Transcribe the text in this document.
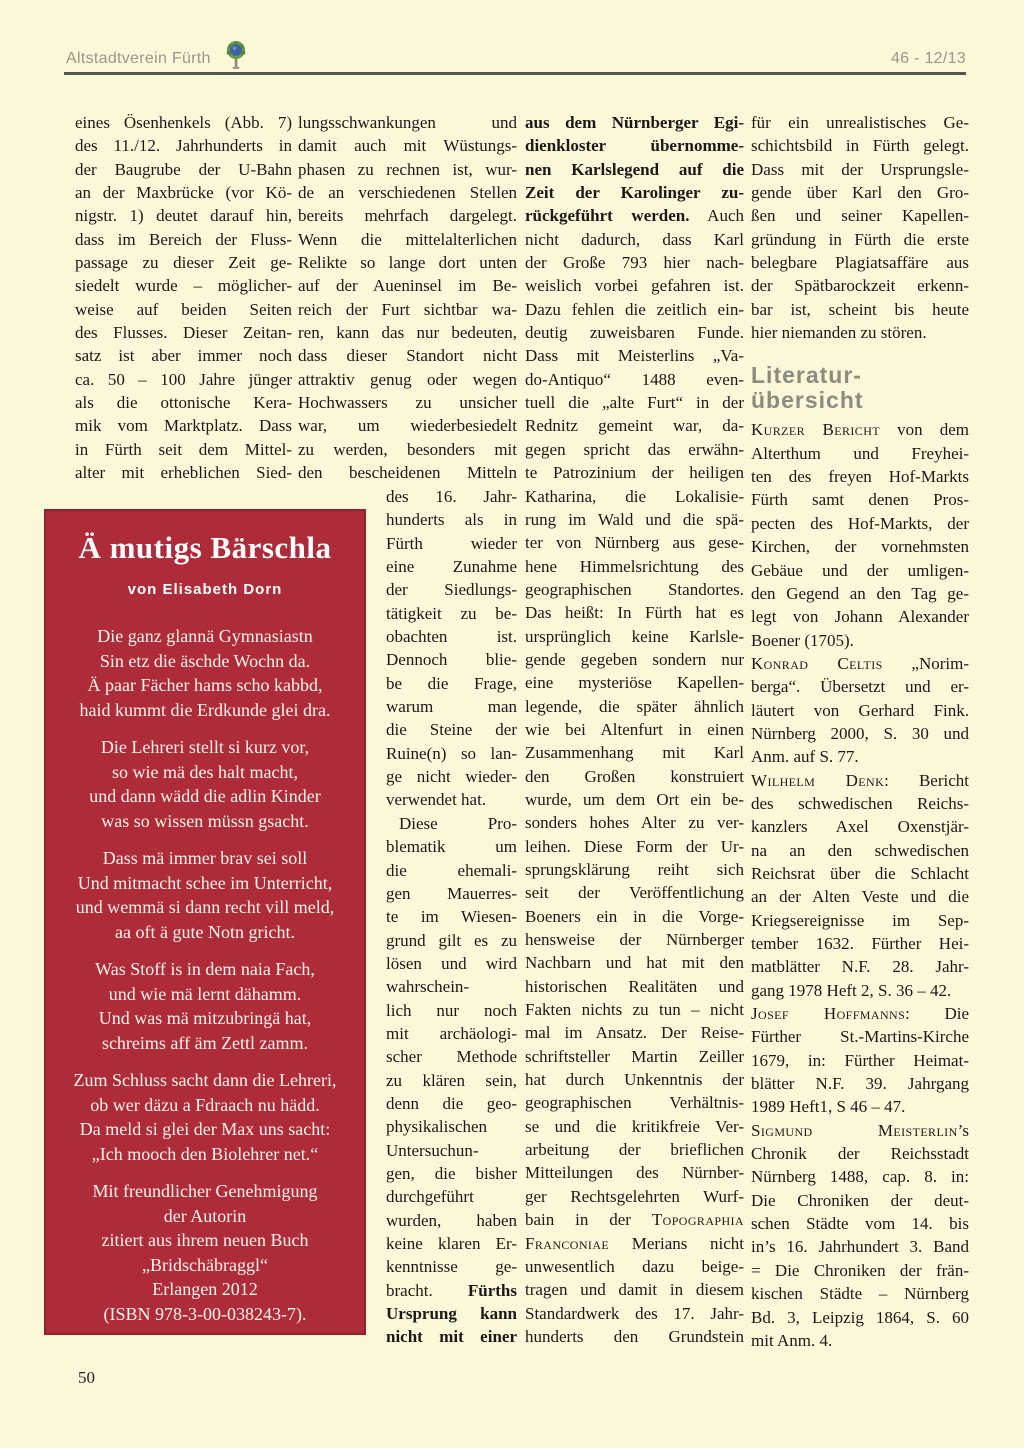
Altstadtverein Fürth	46 - 12/13
eines Ösenhenkels (Abb. 7)
des 11./12. Jahrhunderts in
der Baugrube der U-Bahn
an der Maxbrücke (vor Kö-
nigstr. 1) deutet darauf hin,
dass im Bereich der Fluss-
passage zu dieser Zeit ge-
siedelt wurde – möglicher-
weise auf beiden Seiten
des Flusses. Dieser Zeitan-
satz ist aber immer noch
ca. 50 – 100 Jahre jünger
als die ottonische Kera-
mik vom Marktplatz. Dass
in Fürth seit dem Mittel-
alter mit erheblichen Sied-
lungsschwankungen und
damit auch mit Wüstungs-
phasen zu rechnen ist, wur-
de an verschiedenen Stellen
bereits mehrfach dargelegt.
Wenn die mittelalterlichen
Relikte so lange dort unten
auf der Aueninsel im Be-
reich der Furt sichtbar wa-
ren, kann das nur bedeuten,
dass dieser Standort nicht
attraktiv genug oder wegen
Hochwassers zu unsicher
war, um wiederbesiedelt
zu werden, besonders mit
den bescheidenen Mitteln
des 16. Jahr-
hunderts als in
Fürth wieder
eine Zunahme
der Siedlungs-
tätigkeit zu be-
obachten ist.
Dennoch blie-
be die Frage,
warum man
die Steine der
Ruine(n) so lan-
ge nicht wieder-
verwendet hat.
Diese Pro-
blematik um
die ehemali-
gen Mauerres-
te im Wiesen-
grund gilt es zu
lösen und wird
wahrschein-
lich nur noch
mit archäologi-
scher Methode
zu klären sein,
denn die geo-
physikalischen
Untersuchun-
gen, die bisher
durchgeführt
wurden, haben
keine klaren Er-
kenntnisse ge-
bracht. Fürths
Ursprung kann
nicht mit einer
aus dem Nürnberger Egi-
dienkloster übernomme-
nen Karlslegend auf die
Zeit der Karolinger zu-
rückgeführt werden. Auch
nicht dadurch, dass Karl
der Große 793 hier nach-
weislich vorbei gefahren ist.
Dazu fehlen die zeitlich ein-
deutig zuweisbaren Funde.
Dass mit Meisterlins „Va-
do-Antiquo“ 1488 even-
tuell die „alte Furt“ in der
Rednitz gemeint war, da-
gegen spricht das erwähn-
te Patrozinium der heiligen
Katharina, die Lokalisie-
rung im Wald und die spä-
ter von Nürnberg aus gese-
hene Himmelsrichtung des
geographischen Standortes.
Das heißt: In Fürth hat es
ursprünglich keine Karlsle-
gende gegeben sondern nur
eine mysteriöse Kapellen-
legende, die später ähnlich
wie bei Altenfurt in einen
Zusammenhang mit Karl
den Großen konstruiert
wurde, um dem Ort ein be-
sonders hohes Alter zu ver-
leihen. Diese Form der Ur-
sprungsklärung reiht sich
seit der Veröffentlichung
Boeners ein in die Vorge-
hensweise der Nürnberger
Nachbarn und hat mit den
historischen Realitäten und
Fakten nichts zu tun – nicht
mal im Ansatz. Der Reise-
schriftsteller Martin Zeiller
hat durch Unkenntnis der
geographischen Verhältnis-
se und die kritikfreie Ver-
arbeitung der brieflichen
Mitteilungen des Nürnber-
ger Rechtsgelehrten Wurf-
bain in der Topographia
Franconiae Merians nicht
unwesentlich dazu beige-
tragen und damit in diesem
Standardwerk des 17. Jahr-
hunderts den Grundstein
für ein unrealistisches Ge-
schichtsbild in Fürth gelegt.
Dass mit der Ursprungsle-
gende über Karl den Gro-
ßen und seiner Kapellen-
gründung in Fürth die erste
belegbare Plagiatsaffäre aus
der Spätbarockzeit erkenn-
bar ist, scheint bis heute
hier niemanden zu stören.
Literatur-
übersicht
Kurzer Bericht von dem
Alterthum und Freyhei-
ten des freyen Hof-Markts
Fürth samt denen Pros-
pecten des Hof-Markts, der
Kirchen, der vornehmsten
Gebäue und der umligen-
den Gegend an den Tag ge-
legt von Johann Alexander
Boener (1705).
Konrad Celtis „Norim-
berga“. Übersetzt und er-
läutert von Gerhard Fink.
Nürnberg 2000, S. 30 und
Anm. auf S. 77.
Wilhelm Denk: Bericht
des schwedischen Reichs-
kanzlers Axel Oxenstjär-
na an den schwedischen
Reichsrat über die Schlacht
an der Alten Veste und die
Kriegsereignisse im Sep-
tember 1632. Fürther Hei-
matblätter N.F. 28. Jahr-
gang 1978 Heft 2, S. 36 – 42.
Josef Hoffmanns: Die
Fürther St.-Martins-Kirche
1679, in: Fürther Heimat-
blätter N.F. 39. Jahrgang
1989 Heft1, S 46 – 47.
Sigmund Meisterlin’s
Chronik der Reichsstadt
Nürnberg 1488, cap. 8. in:
Die Chroniken der deut-
schen Städte vom 14. bis
in’s 16. Jahrhundert 3. Band
= Die Chroniken der frän-
kischen Städte – Nürnberg
Bd. 3, Leipzig 1864, S. 60
mit Anm. 4.
Ä mutigs Bärschla
von Elisabeth Dorn
Die ganz glannä Gymnasiastn
Sin etz die äschde Wochn da.
Ä paar Fächer hams scho kabbd,
haid kummt die Erdkunde glei dra.
Die Lehreri stellt si kurz vor,
so wie mä des halt macht,
und dann wädd die adlin Kinder
was so wissen müssn gsacht.
Dass mä immer brav sei soll
Und mitmacht schee im Unterricht,
und wemmä si dann recht vill meld,
aa oft ä gute Notn gricht.
Was Stoff is in dem naia Fach,
und wie mä lernt dähamm.
Und was mä mitzubringä hat,
schreims aff äm Zettl zamm.
Zum Schluss sacht dann die Lehreri,
ob wer däzu a Fdraach nu hädd.
Da meld si glei der Max uns sacht:
„Ich mooch den Biolehrer net.“
Mit freundlicher Genehmigung
der Autorin
zitiert aus ihrem neuen Buch
„Bridschäbraggl“
Erlangen 2012
(ISBN 978-3-00-038243-7).
50
